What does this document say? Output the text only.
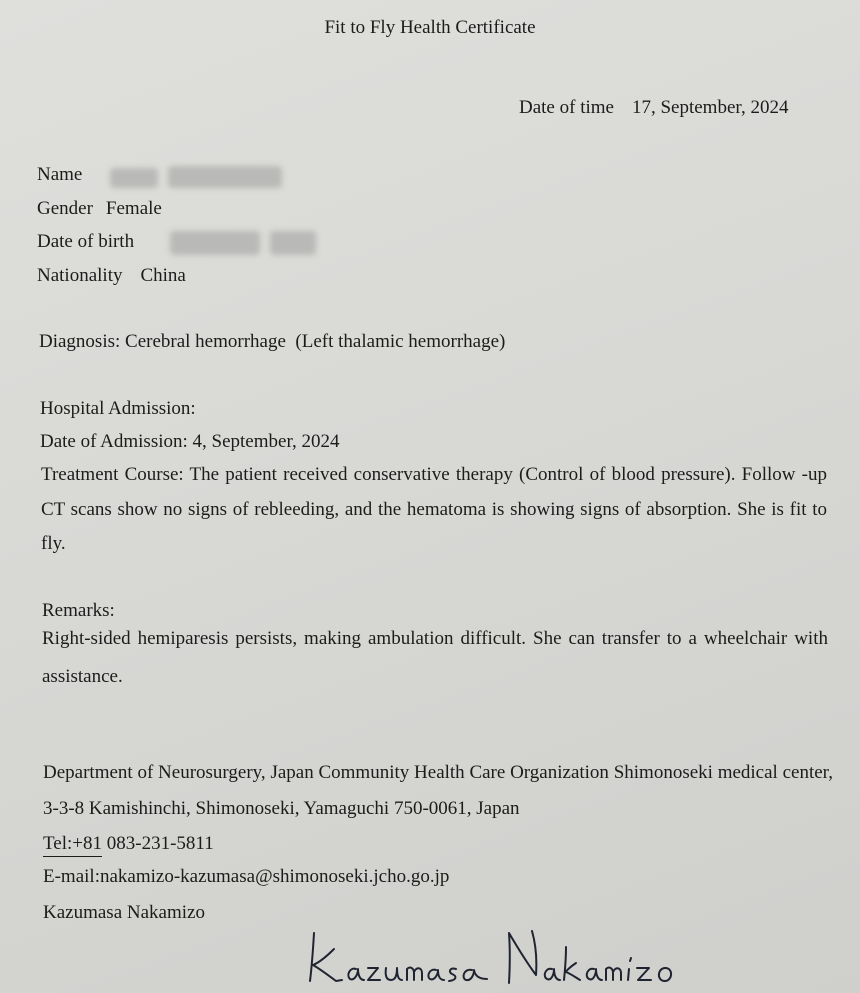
Fit to Fly Health Certificate
Date of time 17, September, 2024
Name
Gender Female
Date of birth
Nationality China
Diagnosis: Cerebral hemorrhage  (Left thalamic hemorrhage)
Hospital Admission:
Date of Admission: 4, September, 2024

Treatment Course: The patient received conservative therapy (Control of blood pressure). Follow -up CT scans show no signs of rebleeding, and the hematoma is showing signs of absorption. She is fit to fly.

Remarks:

Right-sided hemiparesis persists, making ambulation difficult. She can transfer to a wheelchair with assistance.

Department of Neurosurgery, Japan Community Health Care Organization Shimonoseki medical center, 3-3-8 Kamishinchi, Shimonoseki, Yamaguchi 750-0061, Japan

Tel:+81 083-231-5811
E-mail:nakamizo-kazumasa@shimonoseki.jcho.go.jp
Kazumasa Nakamizo
